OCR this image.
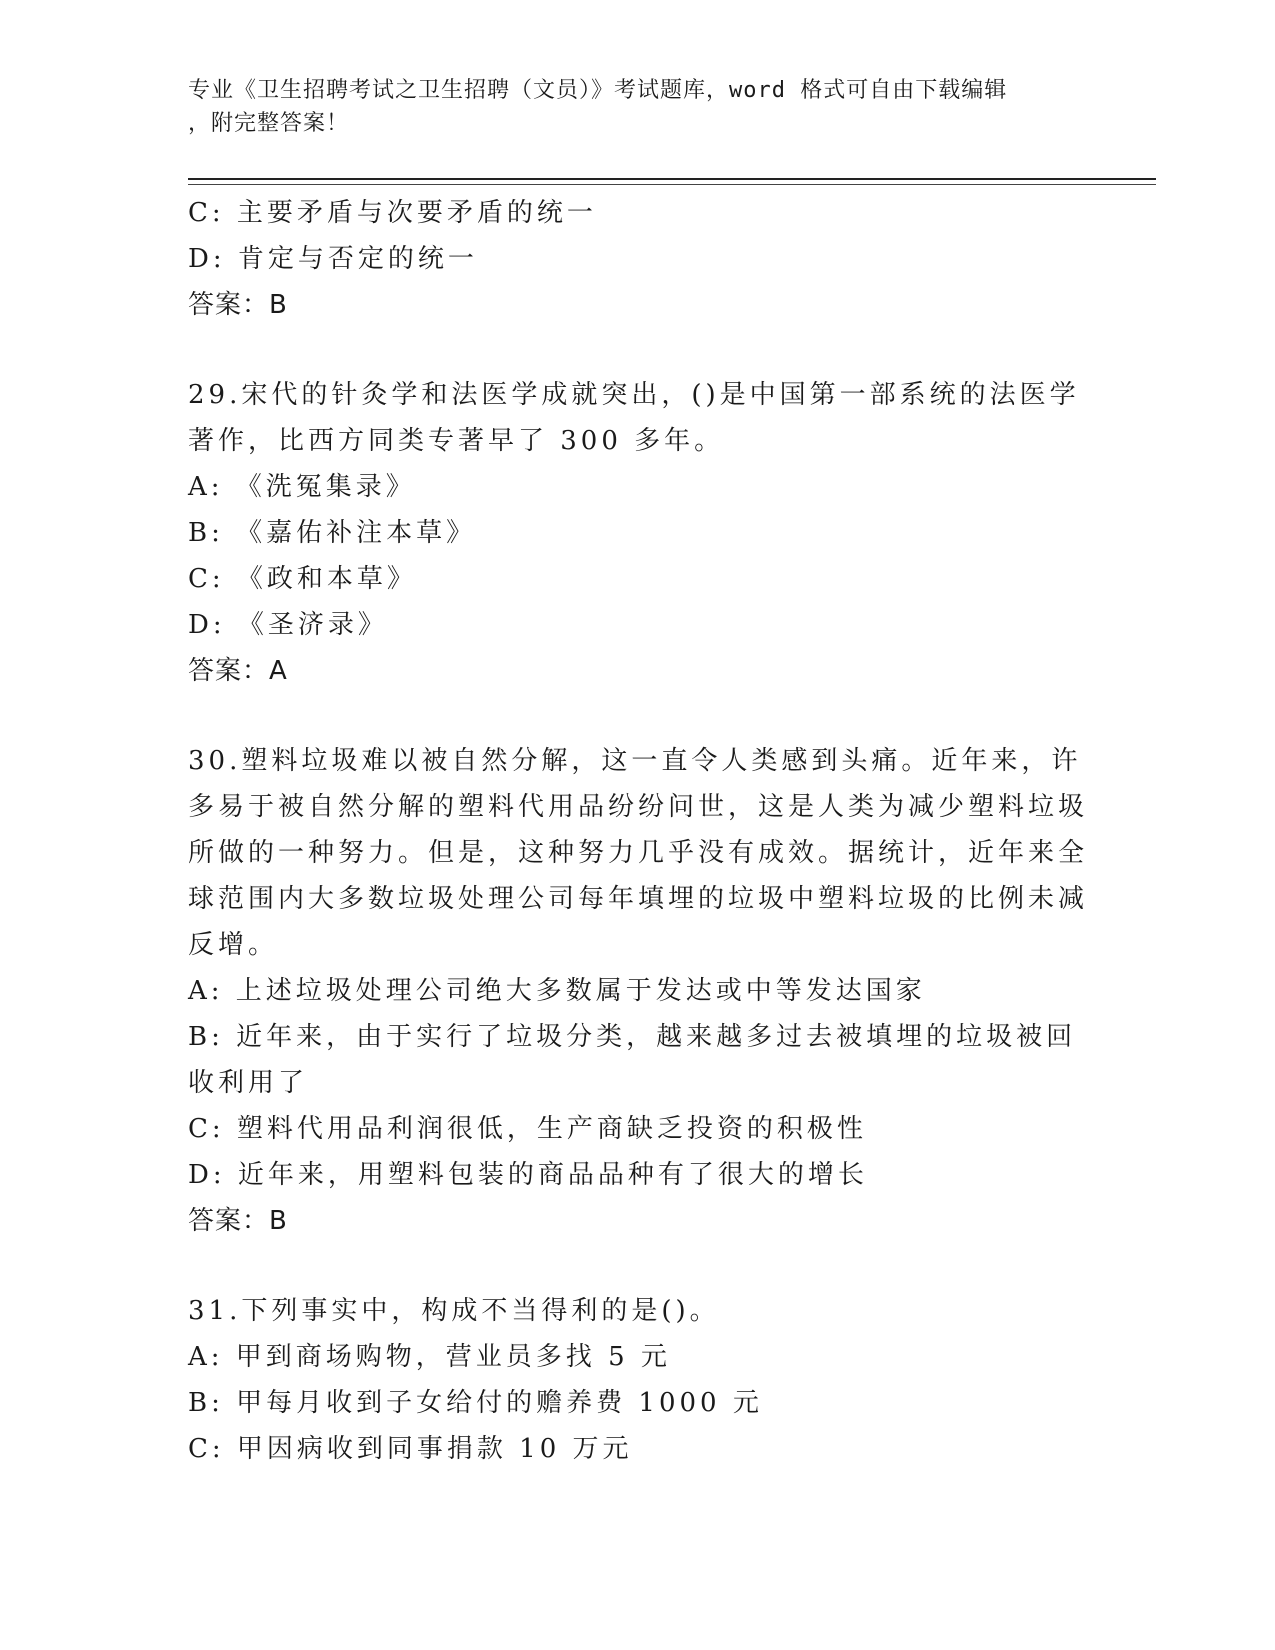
专业《卫生招聘考试之卫生招聘（文员）》考试题库，word 格式可自由下载编辑
，附完整答案！
C: 主要矛盾与次要矛盾的统一
D: 肯定与否定的统一
答案：B
29.宋代的针灸学和法医学成就突出，()是中国第一部系统的法医学著作，比西方同类专著早了 300 多年。
A: 《洗冤集录》
B: 《嘉佑补注本草》
C: 《政和本草》
D: 《圣济录》
答案：A
30.塑料垃圾难以被自然分解，这一直令人类感到头痛。近年来，许多易于被自然分解的塑料代用品纷纷问世，这是人类为减少塑料垃圾所做的一种努力。但是，这种努力几乎没有成效。据统计，近年来全球范围内大多数垃圾处理公司每年填埋的垃圾中塑料垃圾的比例未减反增。
A: 上述垃圾处理公司绝大多数属于发达或中等发达国家
B: 近年来，由于实行了垃圾分类，越来越多过去被填埋的垃圾被回收利用了
C: 塑料代用品利润很低，生产商缺乏投资的积极性
D: 近年来，用塑料包装的商品品种有了很大的增长
答案：B
31.下列事实中，构成不当得利的是()。
A: 甲到商场购物，营业员多找 5 元
B: 甲每月收到子女给付的赡养费 1000 元
C: 甲因病收到同事捐款 10 万元
